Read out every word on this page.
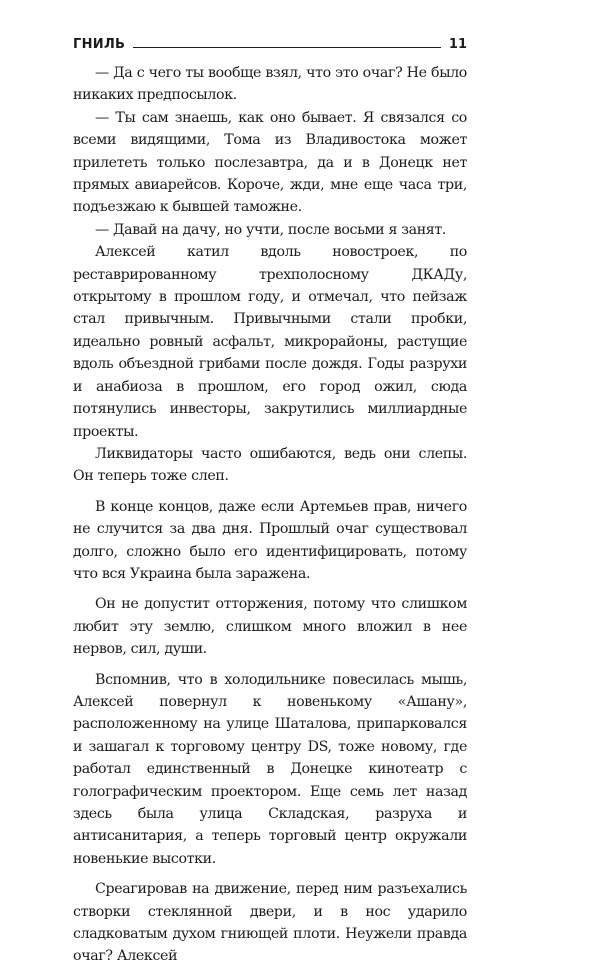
ГНИЛЬ	11

— Да с чего ты вообще взял, что это очаг? Не было никаких предпосылок.

— Ты сам знаешь, как оно бывает. Я связался со всеми видящими, Тома из Владивостока может прилететь только послезавтра, да и в Донецк нет прямых авиарейсов. Короче, жди, мне еще часа три, подъезжаю к бывшей таможне.

— Давай на дачу, но учти, после восьми я занят.

Алексей катил вдоль новостроек, по реставрированному трехполосному ДКАДу, открытому в прошлом году, и отмечал, что пейзаж стал привычным. Привычными стали пробки, идеально ровный асфальт, микрорайоны, растущие вдоль объездной грибами после дождя. Годы разрухи и анабиоза в прошлом, его город ожил, сюда потянулись инвесторы, закрутились миллиардные проекты.

Ликвидаторы часто ошибаются, ведь они слепы. Он теперь тоже слеп.

В конце концов, даже если Артемьев прав, ничего не случится за два дня. Прошлый очаг существовал долго, сложно было его идентифицировать, потому что вся Украина была заражена.

Он не допустит отторжения, потому что слишком любит эту землю, слишком много вложил в нее нервов, сил, души.

Вспомнив, что в холодильнике повесилась мышь, Алексей повернул к новенькому «Ашану», расположенному на улице Шаталова, припарковался и зашагал к торговому центру DS, тоже новому, где работал единственный в Донецке кинотеатр с голографическим проектором. Еще семь лет назад здесь была улица Складская, разруха и антисанитария, а теперь торговый центр окружали новенькие высотки.

Среагировав на движение, перед ним разъехались створки стеклянной двери, и в нос ударило сладковатым духом гниющей плоти. Неужели правда очаг? Алексей
